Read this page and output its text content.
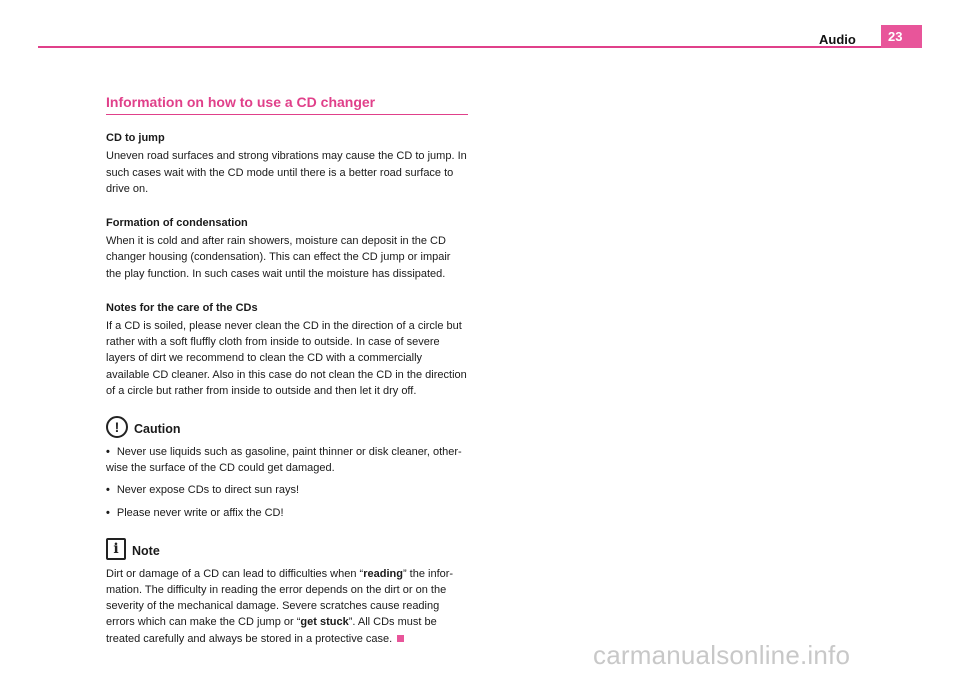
Audio	23
Information on how to use a CD changer
CD to jump

Uneven road surfaces and strong vibrations may cause the CD to jump. In such cases wait with the CD mode until there is a better road surface to drive on.

Formation of condensation

When it is cold and after rain showers, moisture can deposit in the CD changer housing (condensation). This can effect the CD jump or impair the play function. In such cases wait until the moisture has dissipated.

Notes for the care of the CDs

If a CD is soiled, please never clean the CD in the direction of a circle but rather with a soft fluffly cloth from inside to outside. In case of severe layers of dirt we recommend to clean the CD with a commercially available CD cleaner. Also in this case do not clean the CD in the direction of a circle but rather from inside to outside and then let it dry off.

!	Caution
• Never use liquids such as gasoline, paint thinner or disk cleaner, other-wise the surface of the CD could get damaged.
• Never expose CDs to direct sun rays!
• Please never write or affix the CD!
i	Note

Dirt or damage of a CD can lead to difficulties when “reading” the infor-mation. The difficulty in reading the error depends on the dirt or on the severity of the mechanical damage. Severe scratches cause reading errors which can make the CD jump or “get stuck”. All CDs must be treated carefully and always be stored in a protective case.

carmanualsonline.info
